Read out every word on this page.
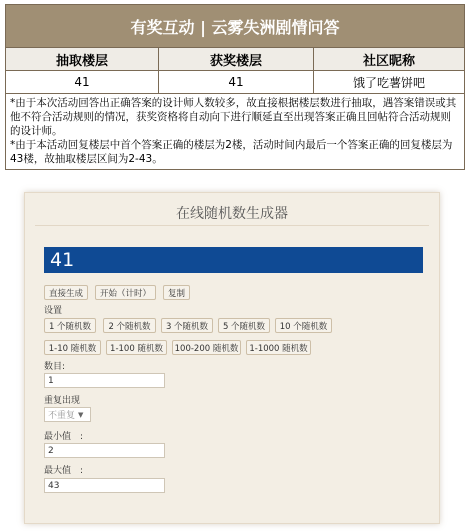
有奖互动 | 云雾失洲剧情问答
抽取楼层	获奖楼层	社区昵称
41	41	饿了吃薯饼吧

*由于本次活动回答出正确答案的设计师人数较多，故直接根据楼层数进行抽取，遇答案错误或其他不符合活动规则的情况，获奖资格将自动向下进行顺延直至出现答案正确且回帖符合活动规则的设计师。

*由于本活动回复楼层中首个答案正确的楼层为2楼，活动时间内最后一个答案正确的回复楼层为43楼，故抽取楼层区间为2-43。

在线随机数生成器
41
直接生成	开始（计时）	复制
设置
1 个随机数	2 个随机数	3 个随机数	5 个随机数	10 个随机数
1-10 随机数	1-100 随机数	100-200 随机数	1-1000 随机数
数目:
1
重复出现
不重复 ▼
最小值　:
2
最大值　:
43
